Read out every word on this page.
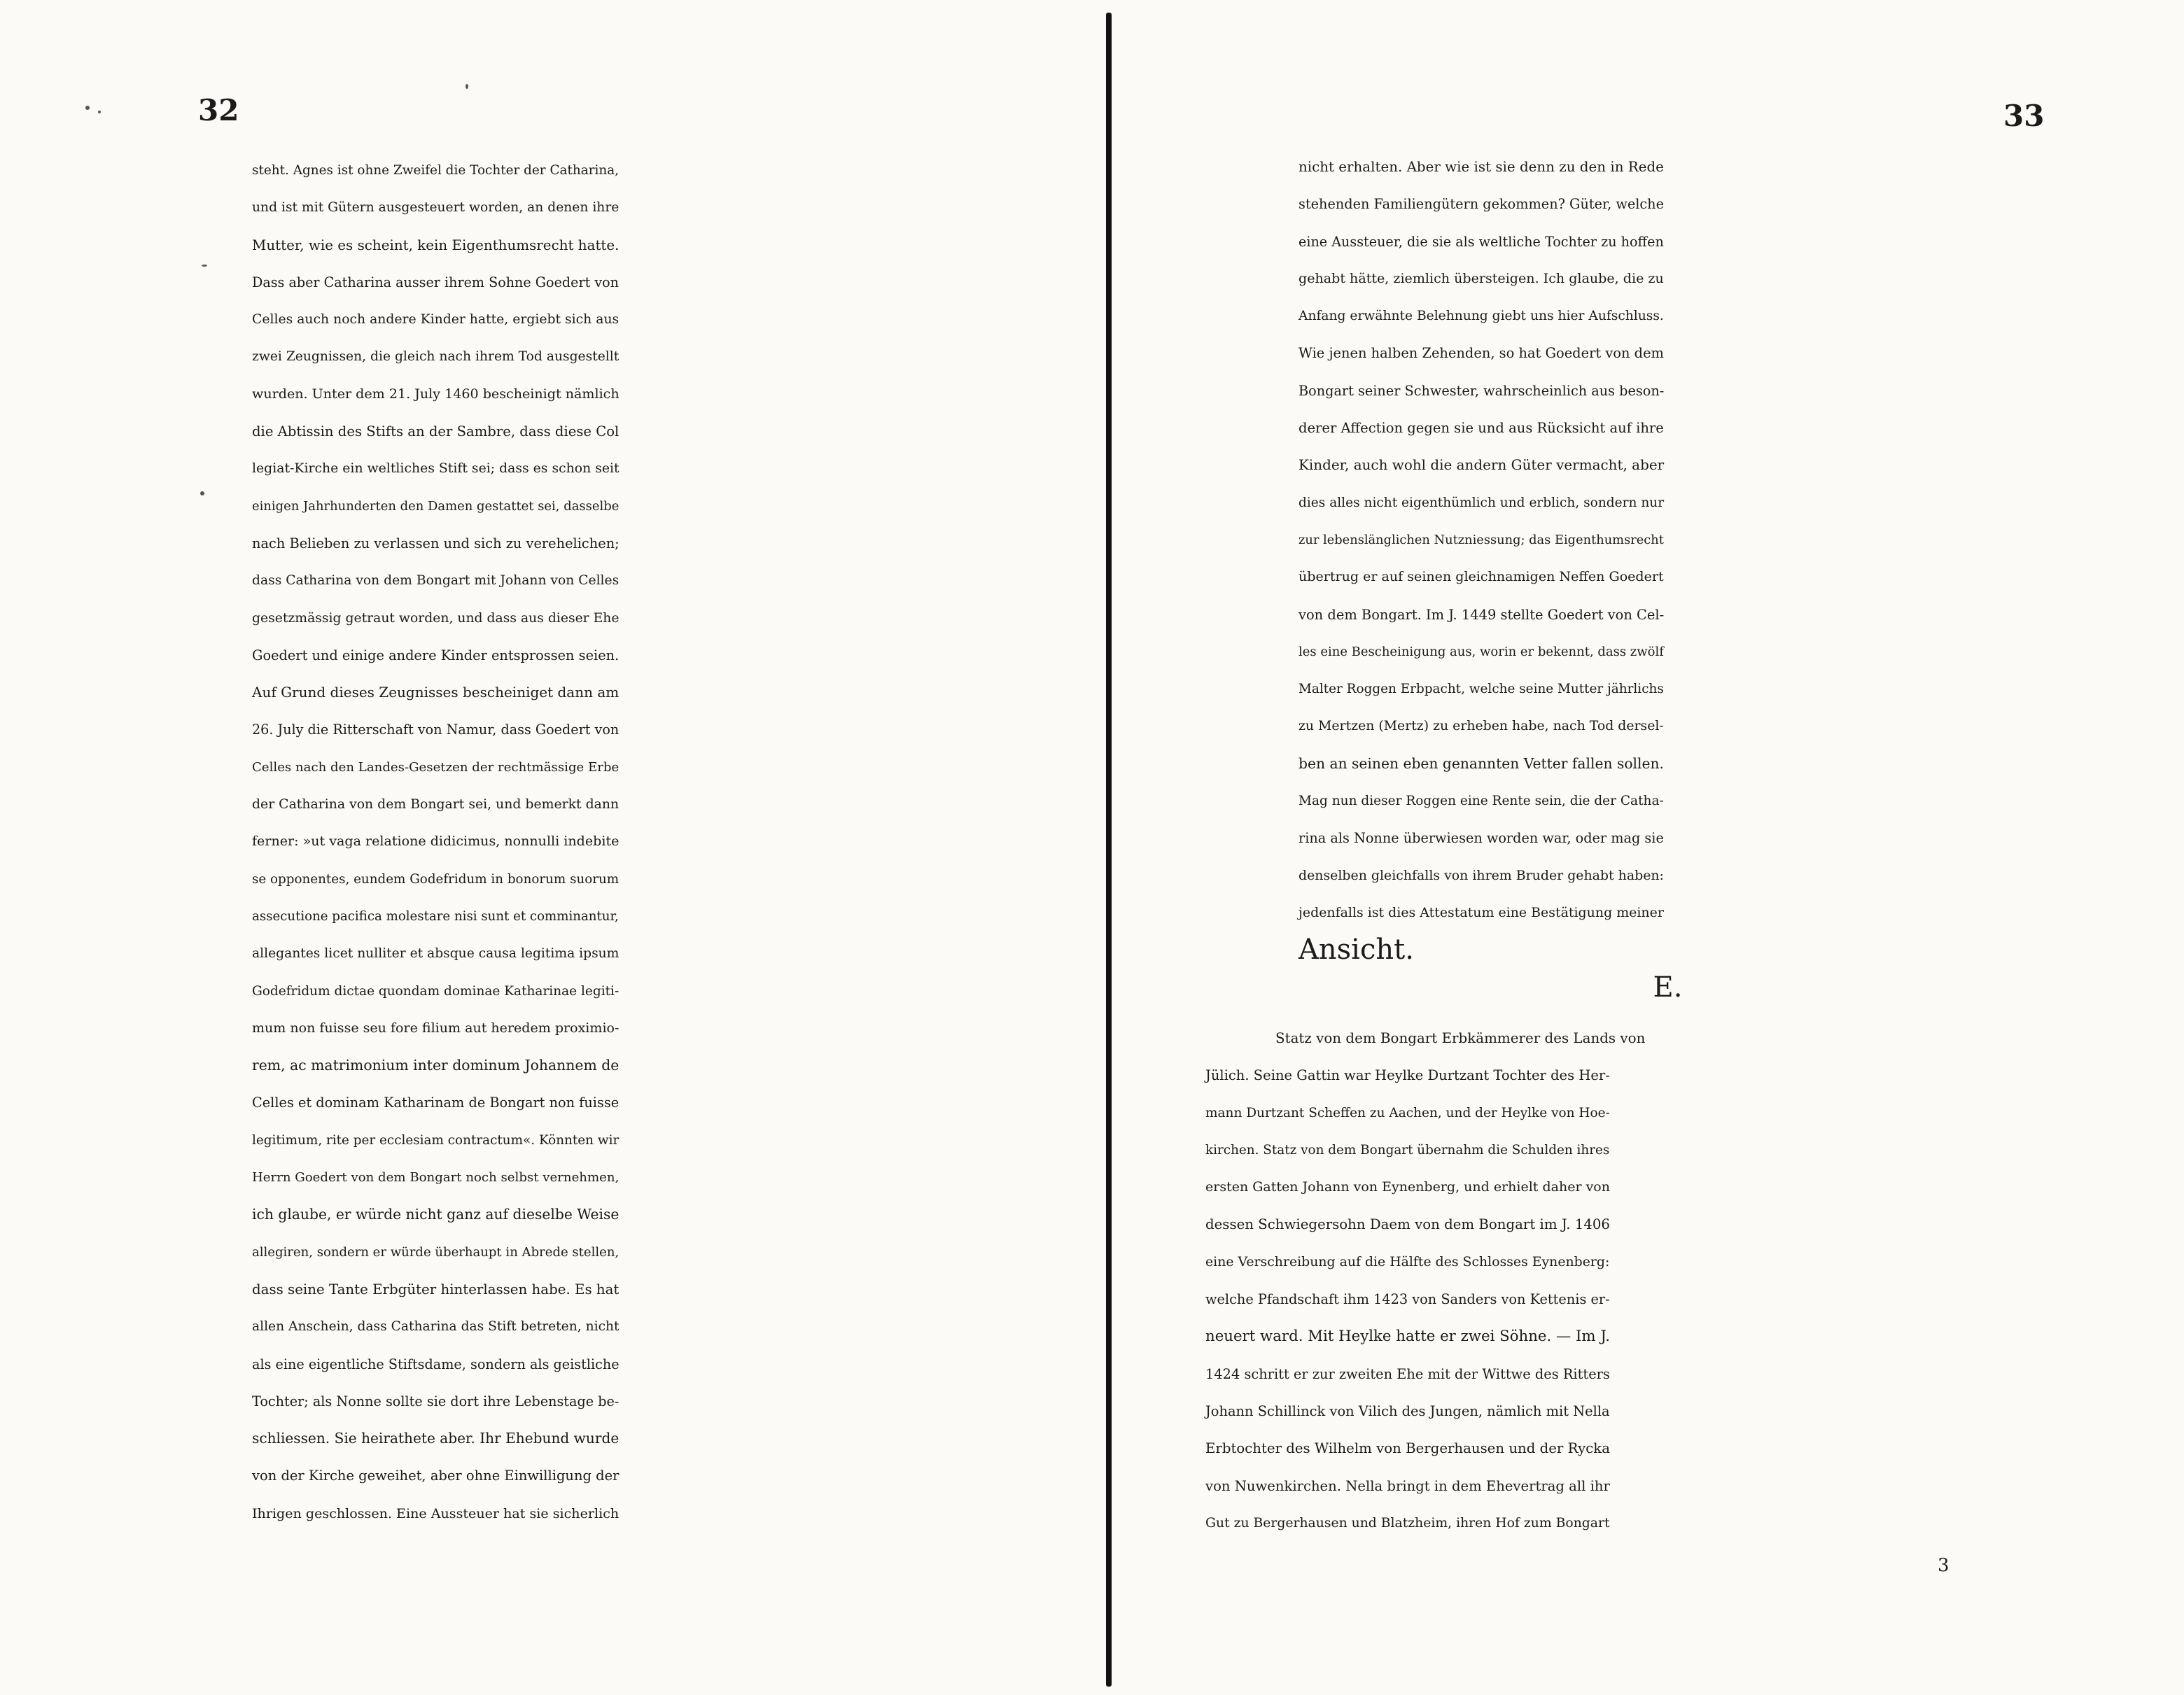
32
steht. Agnes ist ohne Zweifel die Tochter der Catharina,
und ist mit Gütern ausgesteuert worden, an denen ihre
Mutter, wie es scheint, kein Eigenthumsrecht hatte.
Dass aber Catharina ausser ihrem Sohne Goedert von
Celles auch noch andere Kinder hatte, ergiebt sich aus
zwei Zeugnissen, die gleich nach ihrem Tod ausgestellt
wurden. Unter dem 21. July 1460 bescheinigt nämlich
die Abtissin des Stifts an der Sambre, dass diese Col
legiat-Kirche ein weltliches Stift sei; dass es schon seit
einigen Jahrhunderten den Damen gestattet sei, dasselbe
nach Belieben zu verlassen und sich zu verehelichen;
dass Catharina von dem Bongart mit Johann von Celles
gesetzmässig getraut worden, und dass aus dieser Ehe
Goedert und einige andere Kinder entsprossen seien.
Auf Grund dieses Zeugnisses bescheiniget dann am
26. July die Ritterschaft von Namur, dass Goedert von
Celles nach den Landes-Gesetzen der rechtmässige Erbe
der Catharina von dem Bongart sei, und bemerkt dann
ferner: »ut vaga relatione didicimus, nonnulli indebite
se opponentes, eundem Godefridum in bonorum suorum
assecutione pacifica molestare nisi sunt et comminantur,
allegantes licet nulliter et absque causa legitima ipsum
Godefridum dictae quondam dominae Katharinae legiti-
mum non fuisse seu fore filium aut heredem proximio-
rem, ac matrimonium inter dominum Johannem de
Celles et dominam Katharinam de Bongart non fuisse
legitimum, rite per ecclesiam contractum«. Könnten wir
Herrn Goedert von dem Bongart noch selbst vernehmen,
ich glaube, er würde nicht ganz auf dieselbe Weise
allegiren, sondern er würde überhaupt in Abrede stellen,
dass seine Tante Erbgüter hinterlassen habe. Es hat
allen Anschein, dass Catharina das Stift betreten, nicht
als eine eigentliche Stiftsdame, sondern als geistliche
Tochter; als Nonne sollte sie dort ihre Lebenstage be-
schliessen. Sie heirathete aber. Ihr Ehebund wurde
von der Kirche geweihet, aber ohne Einwilligung der
Ihrigen geschlossen. Eine Aussteuer hat sie sicherlich
33
nicht erhalten. Aber wie ist sie denn zu den in Rede
stehenden Familiengütern gekommen? Güter, welche
eine Aussteuer, die sie als weltliche Tochter zu hoffen
gehabt hätte, ziemlich übersteigen. Ich glaube, die zu
Anfang erwähnte Belehnung giebt uns hier Aufschluss.
Wie jenen halben Zehenden, so hat Goedert von dem
Bongart seiner Schwester, wahrscheinlich aus beson-
derer Affection gegen sie und aus Rücksicht auf ihre
Kinder, auch wohl die andern Güter vermacht, aber
dies alles nicht eigenthümlich und erblich, sondern nur
zur lebenslänglichen Nutzniessung; das Eigenthumsrecht
übertrug er auf seinen gleichnamigen Neffen Goedert
von dem Bongart. Im J. 1449 stellte Goedert von Cel-
les eine Bescheinigung aus, worin er bekennt, dass zwölf
Malter Roggen Erbpacht, welche seine Mutter jährlichs
zu Mertzen (Mertz) zu erheben habe, nach Tod dersel-
ben an seinen eben genannten Vetter fallen sollen.
Mag nun dieser Roggen eine Rente sein, die der Catha-
rina als Nonne überwiesen worden war, oder mag sie
denselben gleichfalls von ihrem Bruder gehabt haben:
jedenfalls ist dies Attestatum eine Bestätigung meiner
Ansicht.
E.
Statz von dem Bongart Erbkämmerer des Lands von
Jülich. Seine Gattin war Heylke Durtzant Tochter des Her-
mann Durtzant Scheffen zu Aachen, und der Heylke von Hoe-
kirchen. Statz von dem Bongart übernahm die Schulden ihres
ersten Gatten Johann von Eynenberg, und erhielt daher von
dessen Schwiegersohn Daem von dem Bongart im J. 1406
eine Verschreibung auf die Hälfte des Schlosses Eynenberg:
welche Pfandschaft ihm 1423 von Sanders von Kettenis er-
neuert ward. Mit Heylke hatte er zwei Söhne. — Im J.
1424 schritt er zur zweiten Ehe mit der Wittwe des Ritters
Johann Schillinck von Vilich des Jungen, nämlich mit Nella
Erbtochter des Wilhelm von Bergerhausen und der Rycka
von Nuwenkirchen. Nella bringt in dem Ehevertrag all ihr
Gut zu Bergerhausen und Blatzheim, ihren Hof zum Bongart
3
